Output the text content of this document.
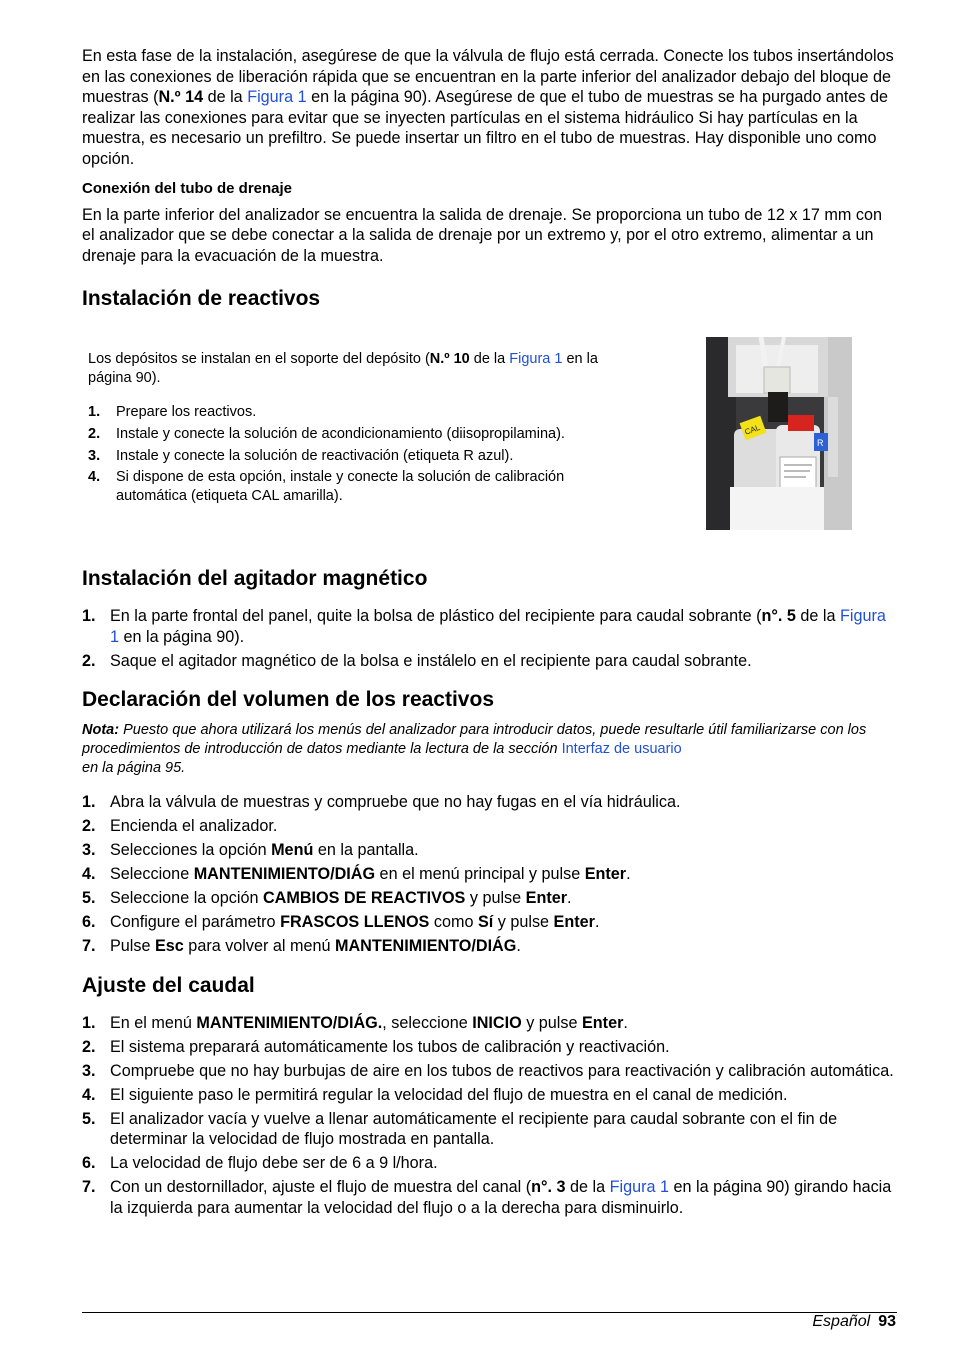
En esta fase de la instalación, asegúrese de que la válvula de flujo está cerrada. Conecte los tubos insertándolos en las conexiones de liberación rápida que se encuentran en la parte inferior del analizador debajo del bloque de muestras (N.º 14 de la Figura 1 en la página 90). Asegúrese de que el tubo de muestras se ha purgado antes de realizar las conexiones para evitar que se inyecten partículas en el sistema hidráulico Si hay partículas en la muestra, es necesario un prefiltro. Se puede insertar un filtro en el tubo de muestras. Hay disponible uno como opción.

Conexión del tubo de drenaje

En la parte inferior del analizador se encuentra la salida de drenaje. Se proporciona un tubo de 12 x 17 mm con el analizador que se debe conectar a la salida de drenaje por un extremo y, por el otro extremo, alimentar a un drenaje para la evacuación de la muestra.

Instalación de reactivos

Los depósitos se instalan en el soporte del depósito (N.º 10 de la Figura 1 en la página 90).

1. Prepare los reactivos.
2. Instale y conecte la solución de acondicionamiento (diisopropilamina).
3. Instale y conecte la solución de reactivación (etiqueta R azul).
4. Si dispone de esta opción, instale y conecte la solución de calibración automática (etiqueta CAL amarilla).
Instalación del agitador magnético
1. En la parte frontal del panel, quite la bolsa de plástico del recipiente para caudal sobrante (n°. 5 de la Figura 1 en la página 90).
2. Saque el agitador magnético de la bolsa e instálelo en el recipiente para caudal sobrante.
Declaración del volumen de los reactivos

Nota: Puesto que ahora utilizará los menús del analizador para introducir datos, puede resultarle útil familiarizarse con los procedimientos de introducción de datos mediante la lectura de la sección Interfaz de usuario
en la página 95.

1. Abra la válvula de muestras y compruebe que no hay fugas en el vía hidráulica.
2. Encienda el analizador.
3. Selecciones la opción Menú en la pantalla.
4. Seleccione MANTENIMIENTO/DIÁG en el menú principal y pulse Enter.
5. Seleccione la opción CAMBIOS DE REACTIVOS y pulse Enter.
6. Configure el parámetro FRASCOS LLENOS como Sí y pulse Enter.
7. Pulse Esc para volver al menú MANTENIMIENTO/DIÁG.
Ajuste del caudal
1. En el menú MANTENIMIENTO/DIÁG., seleccione INICIO y pulse Enter.
2. El sistema preparará automáticamente los tubos de calibración y reactivación.
3. Compruebe que no hay burbujas de aire en los tubos de reactivos para reactivación y calibración automática.
4. El siguiente paso le permitirá regular la velocidad del flujo de muestra en el canal de medición.
5. El analizador vacía y vuelve a llenar automáticamente el recipiente para caudal sobrante con el fin de determinar la velocidad de flujo mostrada en pantalla.
6. La velocidad de flujo debe ser de 6 a 9 l/hora.
7. Con un destornillador, ajuste el flujo de muestra del canal (n°. 3 de la Figura 1 en la página 90) girando hacia la izquierda para aumentar la velocidad del flujo o a la derecha para disminuirlo.
CAL
R
Español 93
